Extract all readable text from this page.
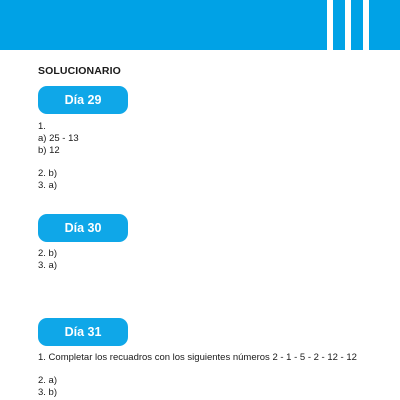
SOLUCIONARIO
Día 29
1.
a) 25 - 13
b) 12
2. b)
3. a)
Día 30
2. b)
3. a)
Día 31
1. Completar los recuadros con los siguientes números 2 - 1 - 5 - 2 - 12 - 12
2. a)
3. b)
